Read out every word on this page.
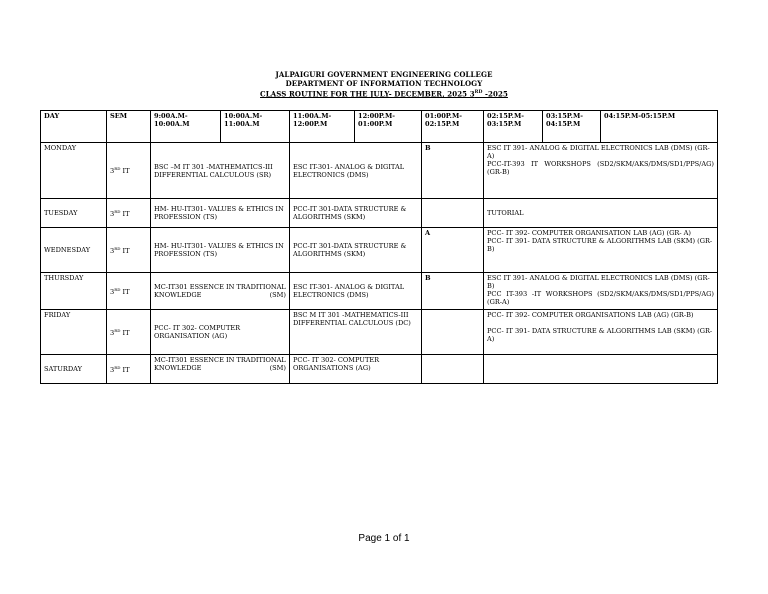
JALPAIGURI GOVERNMENT ENGINEERING COLLEGE
DEPARTMENT OF INFORMATION TECHNOLOGY
CLASS ROUTINE FOR THE JULY- DECEMBER, 2025 3RD -2025
DAY	SEM	9:00A.M-10:00A.M	10:00A.M-11:00A.M	11:00A.M-12:00P.M	12:00P.M-01:00P.M	01:00P.M-02:15P.M	02:15P.M-03:15P.M	03:15P.M-04:15P.M	04:15P.M-05:15P.M
MONDAY	3RD IT	BSC –M IT 301 -MATHEMATICS-III DIFFERENTIAL CALCULOUS (SR)		ESC IT-301- ANALOG & DIGITAL ELECTRONICS (DMS)		B	ESC IT 391- ANALOG & DIGITAL ELECTRONICS LAB (DMS) (GR-A)
PCC-IT-393 IT WORKSHOPS (SD2/SKM/AKS/DMS/SD1/PPS/AG) (GR-B)		

TUESDAY	3RD IT	HM- HU-IT301- VALUES & ETHICS IN PROFESSION (TS)		PCC-IT 301-DATA STRUCTURE & ALGORITHMS (SKM)			TUTORIAL		
WEDNESDAY	3RD IT	HM- HU-IT301- VALUES & ETHICS IN PROFESSION (TS)		PCC-IT 301-DATA STRUCTURE & ALGORITHMS (SKM)		A	PCC- IT 392- COMPUTER ORGANISATION LAB (AG) (GR- A)
PCC- IT 391- DATA STRUCTURE & ALGORITHMS LAB (SKM) (GR- B)		

THURSDAY	3RD IT	MC-IT301 ESSENCE IN TRADITIONAL KNOWLEDGE (SM)		ESC IT-301- ANALOG & DIGITAL ELECTRONICS (DMS)		B	ESC IT 391- ANALOG & DIGITAL ELECTRONICS LAB (DMS) (GR-B)
PCC IT-393 -IT WORKSHOPS (SD2/SKM/AKS/DMS/SD1/PPS/AG) (GR-A)		

FRIDAY	3RD IT	PCC- IT 302- COMPUTER ORGANISATION (AG)		BSC M IT 301 -MATHEMATICS-III DIFFERENTIAL CALCULOUS (DC)			PCC- IT 392- COMPUTER ORGANISATIONS LAB (AG) (GR-B)
PCC- IT 391- DATA STRUCTURE & ALGORITHMS LAB (SKM) (GR- A)		

SATURDAY	3RD IT	MC-IT301 ESSENCE IN TRADITIONAL KNOWLEDGE (SM)		PCC- IT 302- COMPUTER ORGANISATIONS (AG)					
Page 1 of 1
